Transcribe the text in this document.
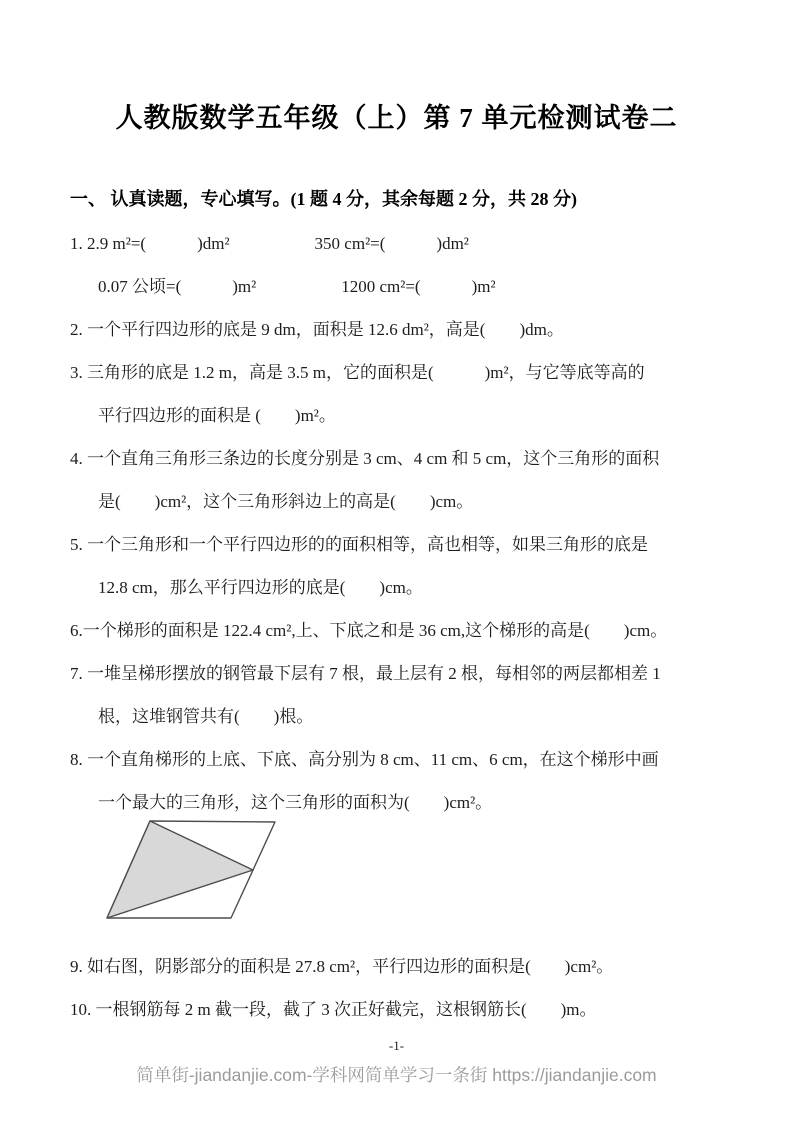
人教版数学五年级（上）第 7 单元检测试卷二
一、 认真读题，专心填写。(1 题 4 分，其余每题 2 分，共 28 分)
1. 2.9 m²=(　　　)dm²　　　　　350 cm²=(　　　)dm²
0.07 公顷=(　　　)m²　　　　　1200 cm²=(　　　)m²
2. 一个平行四边形的底是 9 dm，面积是 12.6 dm²，高是(　　)dm。
3. 三角形的底是 1.2 m，高是 3.5 m，它的面积是(　　　)m²，与它等底等高的
平行四边形的面积是 (　　)m²。
4. 一个直角三角形三条边的长度分别是 3 cm、4 cm 和 5 cm，这个三角形的面积
是(　　)cm²，这个三角形斜边上的高是(　　)cm。
5. 一个三角形和一个平行四边形的的面积相等，高也相等，如果三角形的底是
12.8 cm，那么平行四边形的底是(　　)cm。
6.一个梯形的面积是 122.4 cm²,上、下底之和是 36 cm,这个梯形的高是(　　)cm。
7. 一堆呈梯形摆放的钢管最下层有 7 根，最上层有 2 根，每相邻的两层都相差 1
根，这堆钢管共有(　　)根。
8. 一个直角梯形的上底、下底、高分别为 8 cm、11 cm、6 cm，在这个梯形中画
一个最大的三角形，这个三角形的面积为(　　)cm²。
9. 如右图，阴影部分的面积是 27.8 cm²，平行四边形的面积是(　　)cm²。
10. 一根钢筋每 2 m 截一段，截了 3 次正好截完，这根钢筋长(　　)m。
-1-
简单街-jiandanjie.com-学科网简单学习一条街 https://jiandanjie.com
